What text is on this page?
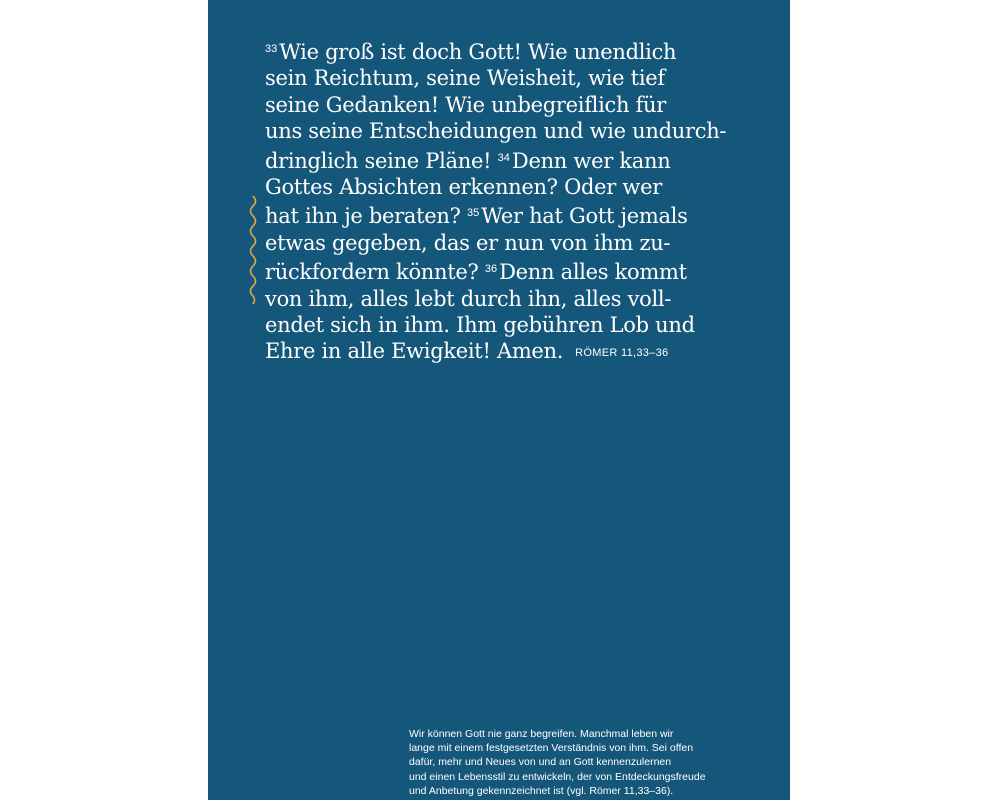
$^{33}$Wie groß ist doch Gott! Wie unendlich
sein Reichtum, seine Weisheit, wie tief
seine Gedanken! Wie unbegreiflich für
uns seine Entscheidungen und wie undurch-
dringlich seine Pläne! $^{34}$Denn wer kann
Gottes Absichten erkennen? Oder wer
hat ihn je beraten? $^{35}$Wer hat Gott jemals
etwas gegeben, das er nun von ihm zu-
rückfordern könnte? $^{36}$Denn alles kommt
von ihm, alles lebt durch ihn, alles voll-
endet sich in ihm. Ihm gebühren Lob und
Ehre in alle Ewigkeit! Amen. RÖMER 11,33–36
Wir können Gott nie ganz begreifen. Manchmal leben wir
lange mit einem festgesetzten Verständnis von ihm. Sei offen
dafür, mehr und Neues von und an Gott kennenzulernen
und einen Lebensstil zu entwickeln, der von Entdeckungsfreude
und Anbetung gekennzeichnet ist (vgl. Römer 11,33–36).
